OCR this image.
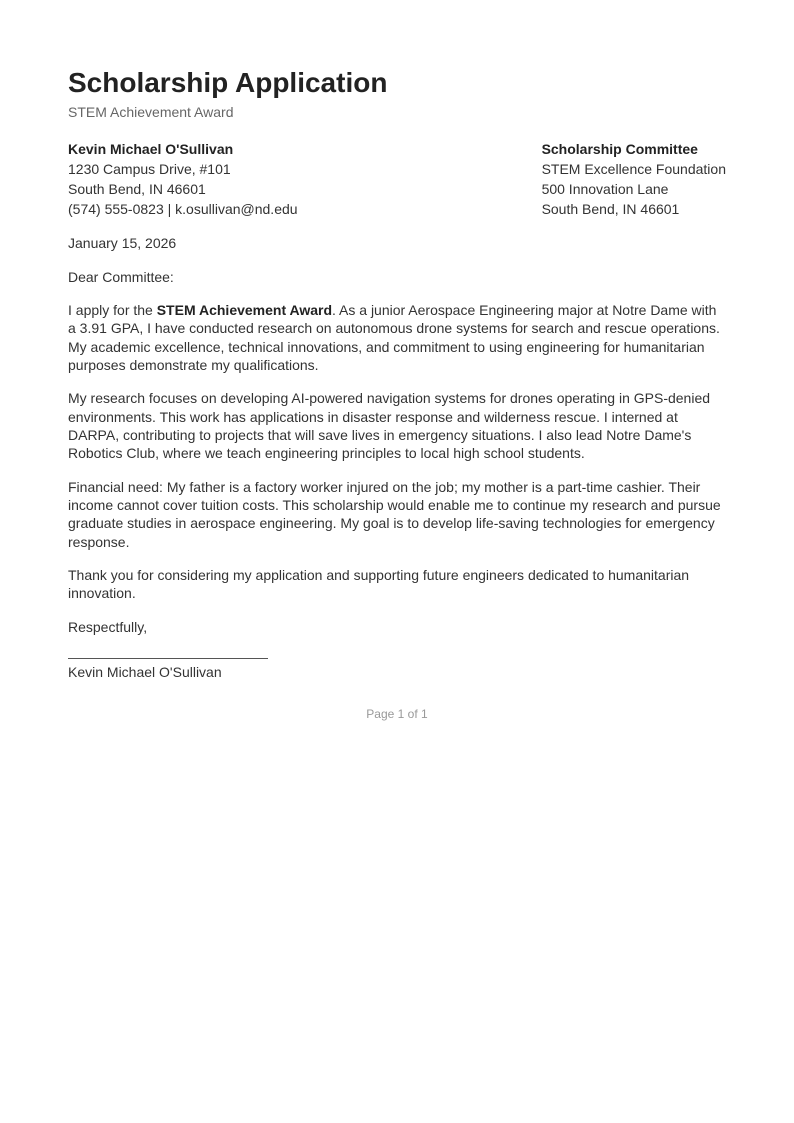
Scholarship Application
STEM Achievement Award
Kevin Michael O'Sullivan
1230 Campus Drive, #101
South Bend, IN 46601
(574) 555-0823 | k.osullivan@nd.edu
Scholarship Committee
STEM Excellence Foundation
500 Innovation Lane
South Bend, IN 46601

January 15, 2026

Dear Committee:

I apply for the STEM Achievement Award. As a junior Aerospace Engineering major at Notre Dame with a 3.91 GPA, I have conducted research on autonomous drone systems for search and rescue operations. My academic excellence, technical innovations, and commitment to using engineering for humanitarian purposes demonstrate my qualifications.

My research focuses on developing AI-powered navigation systems for drones operating in GPS-denied environments. This work has applications in disaster response and wilderness rescue. I interned at DARPA, contributing to projects that will save lives in emergency situations. I also lead Notre Dame's Robotics Club, where we teach engineering principles to local high school students.

Financial need: My father is a factory worker injured on the job; my mother is a part-time cashier. Their income cannot cover tuition costs. This scholarship would enable me to continue my research and pursue graduate studies in aerospace engineering. My goal is to develop life-saving technologies for emergency response.

Thank you for considering my application and supporting future engineers dedicated to humanitarian innovation.

Respectfully,

Kevin Michael O'Sullivan
Page 1 of 1
